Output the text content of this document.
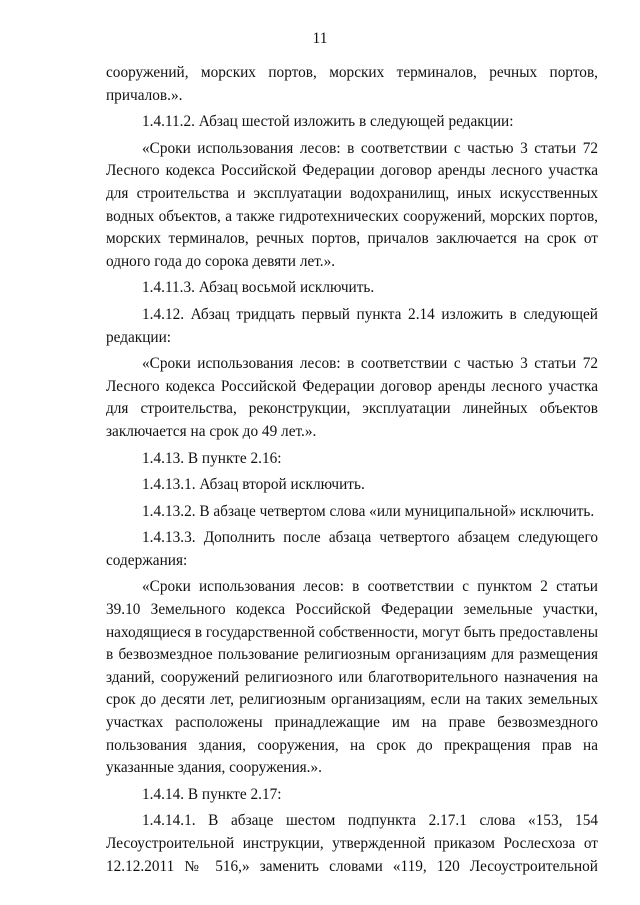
11

сооружений, морских портов, морских терминалов, речных портов, причалов.».

1.4.11.2. Абзац шестой изложить в следующей редакции:

«Сроки использования лесов: в соответствии с частью 3 статьи 72 Лесного кодекса Российской Федерации договор аренды лесного участка для строительства и эксплуатации водохранилищ, иных искусственных водных объектов, а также гидротехнических сооружений, морских портов, морских терминалов, речных портов, причалов заключается на срок от одного года до сорока девяти лет.».

1.4.11.3. Абзац восьмой исключить.

1.4.12. Абзац тридцать первый пункта 2.14 изложить в следующей редакции:

«Сроки использования лесов: в соответствии с частью 3 статьи 72 Лесного кодекса Российской Федерации договор аренды лесного участка для строительства, реконструкции, эксплуатации линейных объектов заключается на срок до 49 лет.».

1.4.13. В пункте 2.16:

1.4.13.1. Абзац второй исключить.

1.4.13.2. В абзаце четвертом слова «или муниципальной» исключить.

1.4.13.3. Дополнить после абзаца четвертого абзацем следующего содержания:

«Сроки использования лесов: в соответствии с пунктом 2 статьи 39.10 Земельного кодекса Российской Федерации земельные участки, находящиеся в государственной собственности, могут быть предоставлены в безвозмездное пользование религиозным организациям для размещения зданий, сооружений религиозного или благотворительного назначения на срок до десяти лет, религиозным организациям, если на таких земельных участках расположены принадлежащие им на праве безвозмездного пользования здания, сооружения, на срок до прекращения прав на указанные здания, сооружения.».

1.4.14. В пункте 2.17:

1.4.14.1. В абзаце шестом подпункта 2.17.1 слова «153, 154 Лесоустроительной инструкции, утвержденной приказом Рослесхоза от 12.12.2011 № 516,» заменить словами «119, 120 Лесоустроительной
